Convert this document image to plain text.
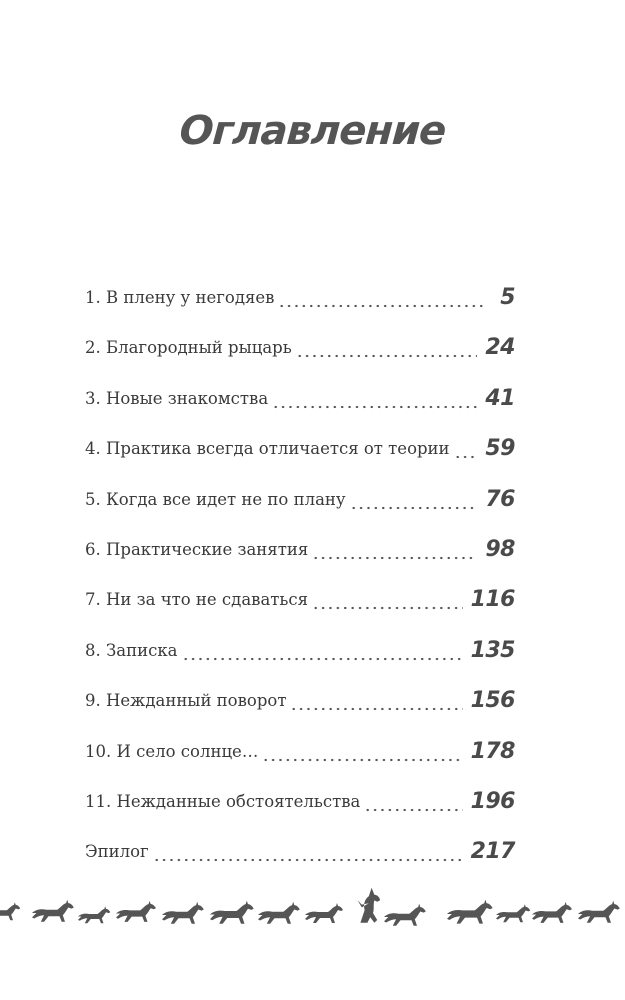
Оглавление
1. В плену у негодяев	5
2. Благородный рыцарь	24
3. Новые знакомства	41
4. Практика всегда отличается от теории 59
5. Когда все идет не по плану	76
6. Практические занятия	98
7. Ни за что не сдаваться	116
8. Записка	135
9. Нежданный поворот	156
10. И село солнце…	178
11. Нежданные обстоятельства	196
Эпилог	217
